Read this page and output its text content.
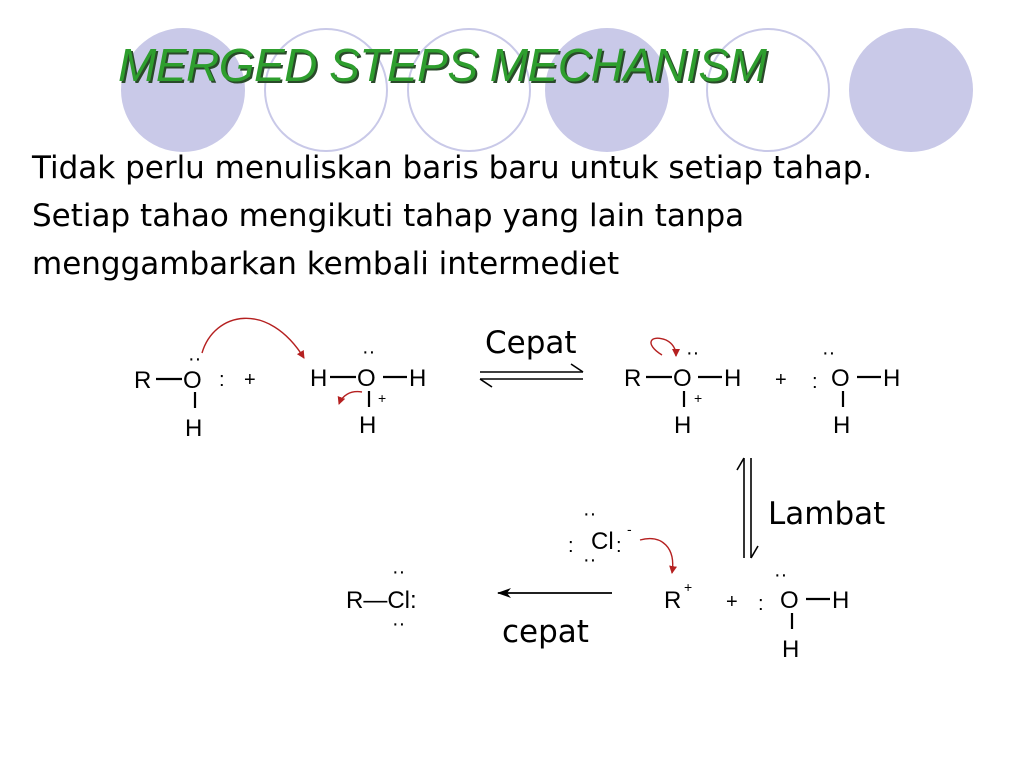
MERGED STEPS MECHANISM

Tidak perlu menuliskan baris baru untuk setiap tahap.

Setiap tahao mengikuti tahap yang lain tanpa

menggambarkan kembali intermediet

R O
··
:
H
+ H O
··
H
+
H
Cepat
R O
··
H
+
H
+ :
··
O H
H
Lambat
··
: Cl :
··
-
R +
+ :
··
O H
H
cepat
··
R—Cl:
··
